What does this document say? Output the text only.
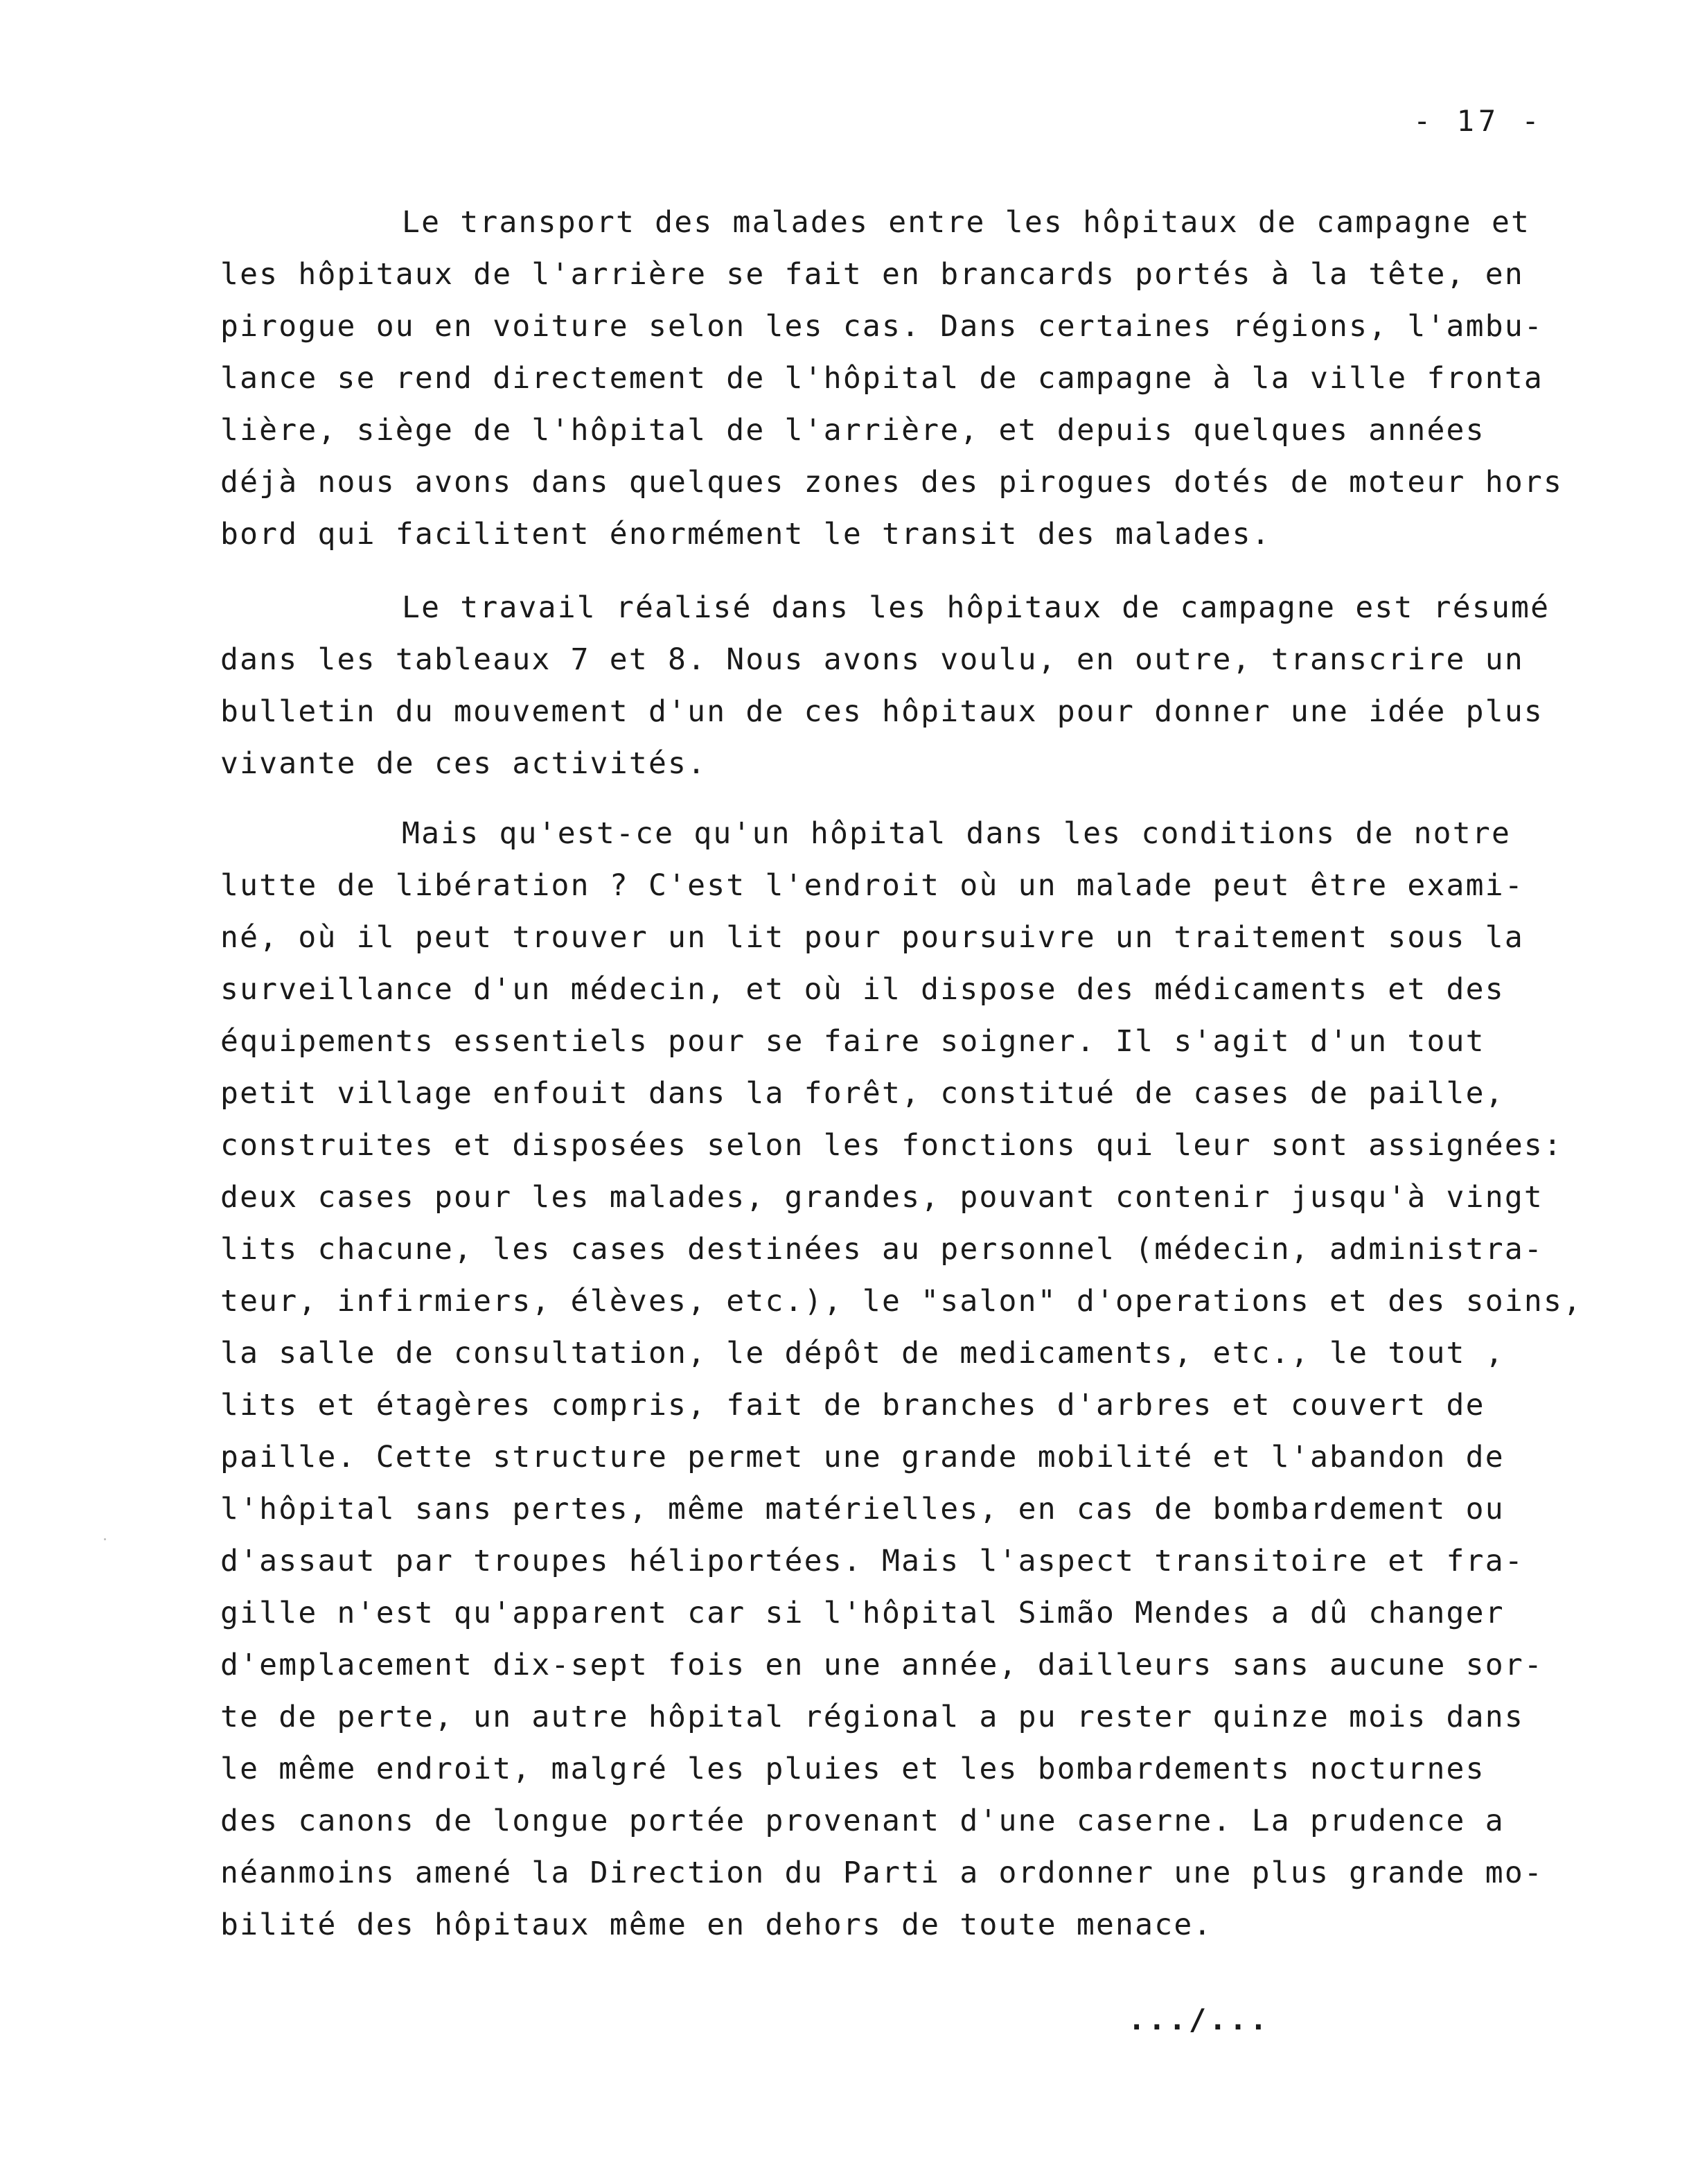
- 17 -
Le transport des malades entre les hôpitaux de campagne et
les hôpitaux de l'arrière se fait en brancards portés à la tête, en
pirogue ou en voiture selon les cas. Dans certaines régions, l'ambu-
lance se rend directement de l'hôpital de campagne à la ville fronta
lière, siège de l'hôpital de l'arrière, et depuis quelques années
déjà nous avons dans quelques zones des pirogues dotés de moteur hors
bord qui facilitent énormément le transit des malades.
Le travail réalisé dans les hôpitaux de campagne est résumé
dans les tableaux 7 et 8. Nous avons voulu, en outre, transcrire un
bulletin du mouvement d'un de ces hôpitaux pour donner une idée plus
vivante de ces activités.
Mais qu'est-ce qu'un hôpital dans les conditions de notre
lutte de libération ? C'est l'endroit où un malade peut être exami-
né, où il peut trouver un lit pour poursuivre un traitement sous la
surveillance d'un médecin, et où il dispose des médicaments et des
équipements essentiels pour se faire soigner. Il s'agit d'un tout
petit village enfouit dans la forêt, constitué de cases de paille,
construites et disposées selon les fonctions qui leur sont assignées:
deux cases pour les malades, grandes, pouvant contenir jusqu'à vingt
lits chacune, les cases destinées au personnel (médecin, administra-
teur, infirmiers, élèves, etc.), le "salon" d'operations et des soins,
la salle de consultation, le dépôt de medicaments, etc., le tout ,
lits et étagères compris, fait de branches d'arbres et couvert de
paille. Cette structure permet une grande mobilité et l'abandon de
l'hôpital sans pertes, même matérielles, en cas de bombardement ou
d'assaut par troupes héliportées. Mais l'aspect transitoire et fra-
gille n'est qu'apparent car si l'hôpital Simão Mendes a dû changer
d'emplacement dix-sept fois en une année, dailleurs sans aucune sor-
te de perte, un autre hôpital régional a pu rester quinze mois dans
le même endroit, malgré les pluies et les bombardements nocturnes
des canons de longue portée provenant d'une caserne. La prudence a
néanmoins amené la Direction du Parti a ordonner une plus grande mo-
bilité des hôpitaux même en dehors de toute menace.
.../...
